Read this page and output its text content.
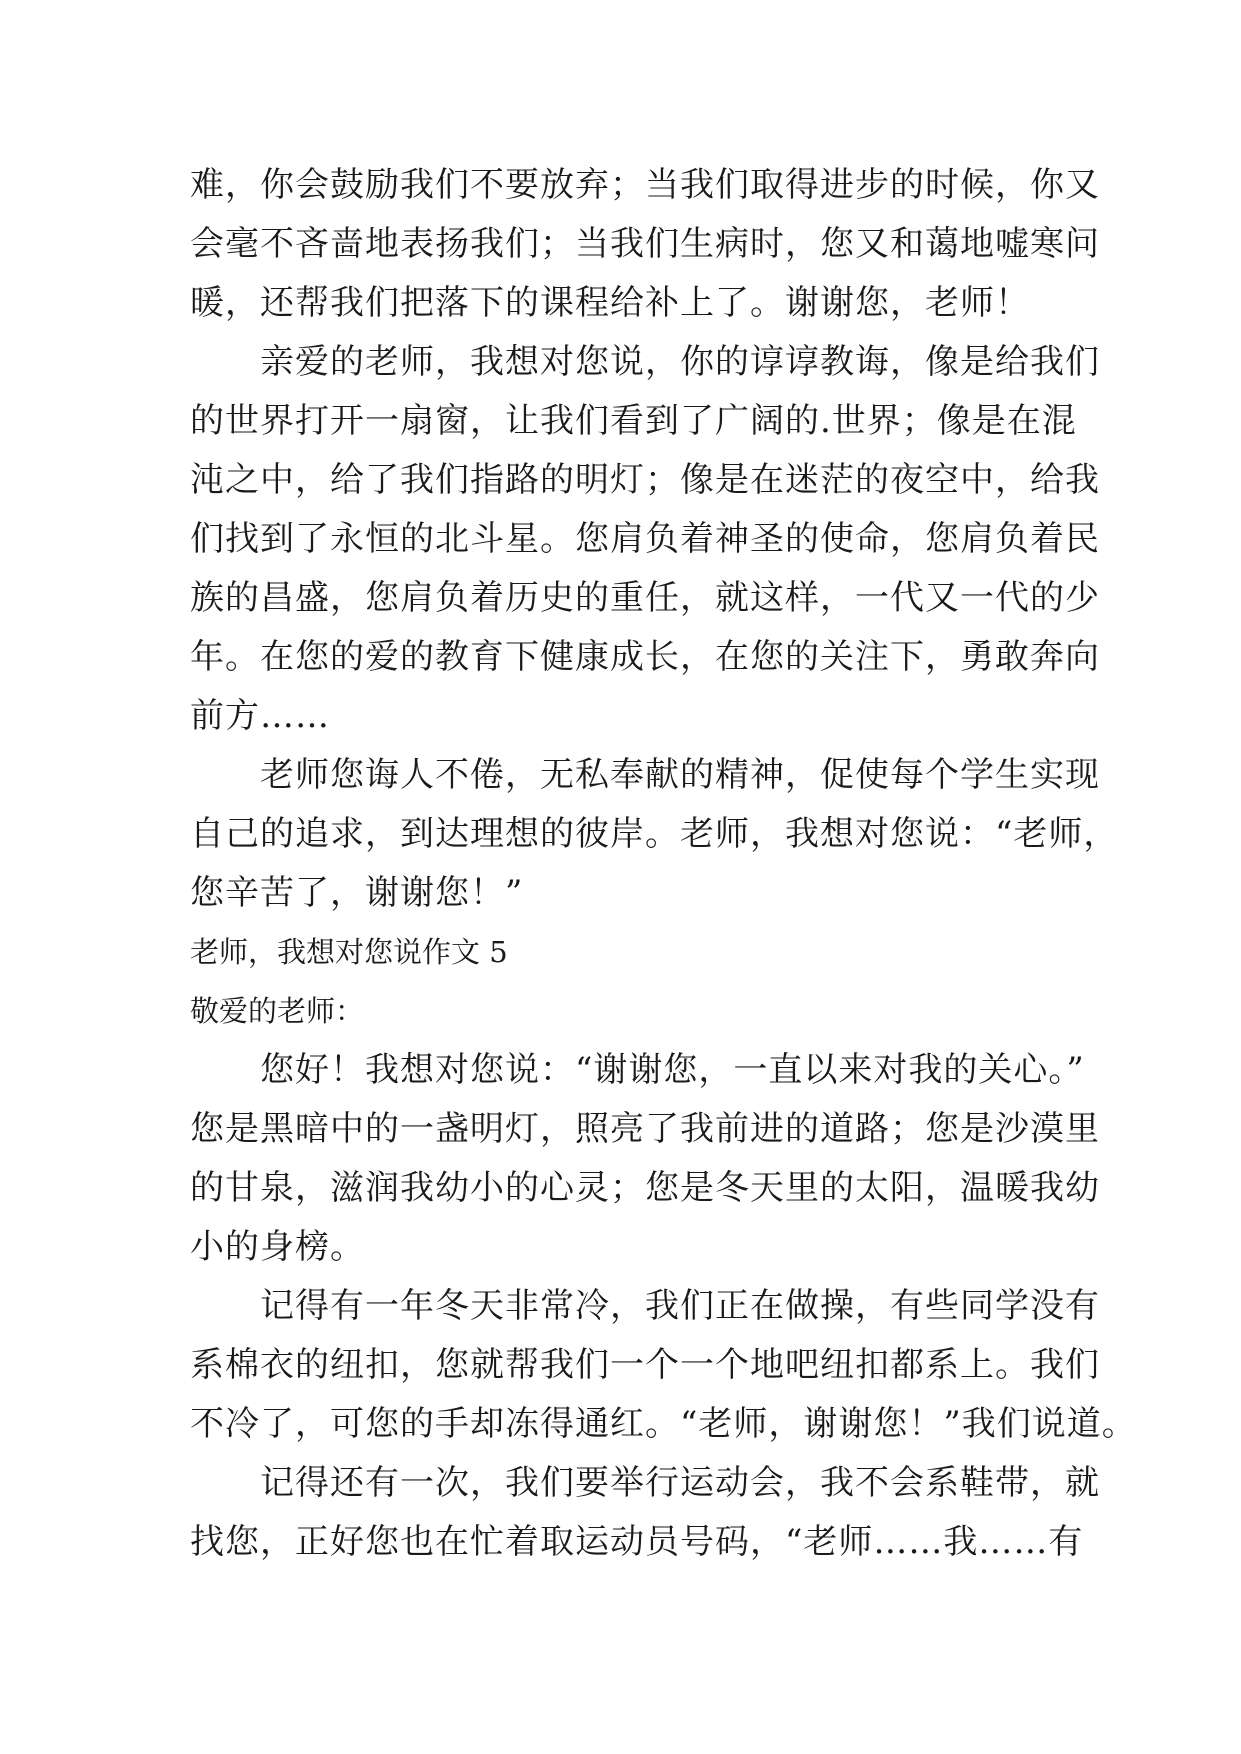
难，你会鼓励我们不要放弃；当我们取得进步的时候，你又
会毫不吝啬地表扬我们；当我们生病时，您又和蔼地嘘寒问
暖，还帮我们把落下的课程给补上了。谢谢您，老师！
　　亲爱的老师，我想对您说，你的谆谆教诲，像是给我们
的世界打开一扇窗，让我们看到了广阔的.世界；像是在混
沌之中，给了我们指路的明灯；像是在迷茫的夜空中，给我
们找到了永恒的北斗星。您肩负着神圣的使命，您肩负着民
族的昌盛，您肩负着历史的重任，就这样，一代又一代的少
年。在您的爱的教育下健康成长，在您的关注下，勇敢奔向
前方……
　　老师您诲人不倦，无私奉献的精神，促使每个学生实现
自己的追求，到达理想的彼岸。老师，我想对您说：“老师，
您辛苦了，谢谢您！”
老师，我想对您说作文 5
敬爱的老师：
　　您好！我想对您说：“谢谢您，一直以来对我的关心。”
您是黑暗中的一盏明灯，照亮了我前进的道路；您是沙漠里
的甘泉，滋润我幼小的心灵；您是冬天里的太阳，温暖我幼
小的身榜。
　　记得有一年冬天非常冷，我们正在做操，有些同学没有
系棉衣的纽扣，您就帮我们一个一个地吧纽扣都系上。我们
不冷了，可您的手却冻得通红。“老师，谢谢您！”我们说道。
　　记得还有一次，我们要举行运动会，我不会系鞋带，就
找您，正好您也在忙着取运动员号码，“老师……我……有
